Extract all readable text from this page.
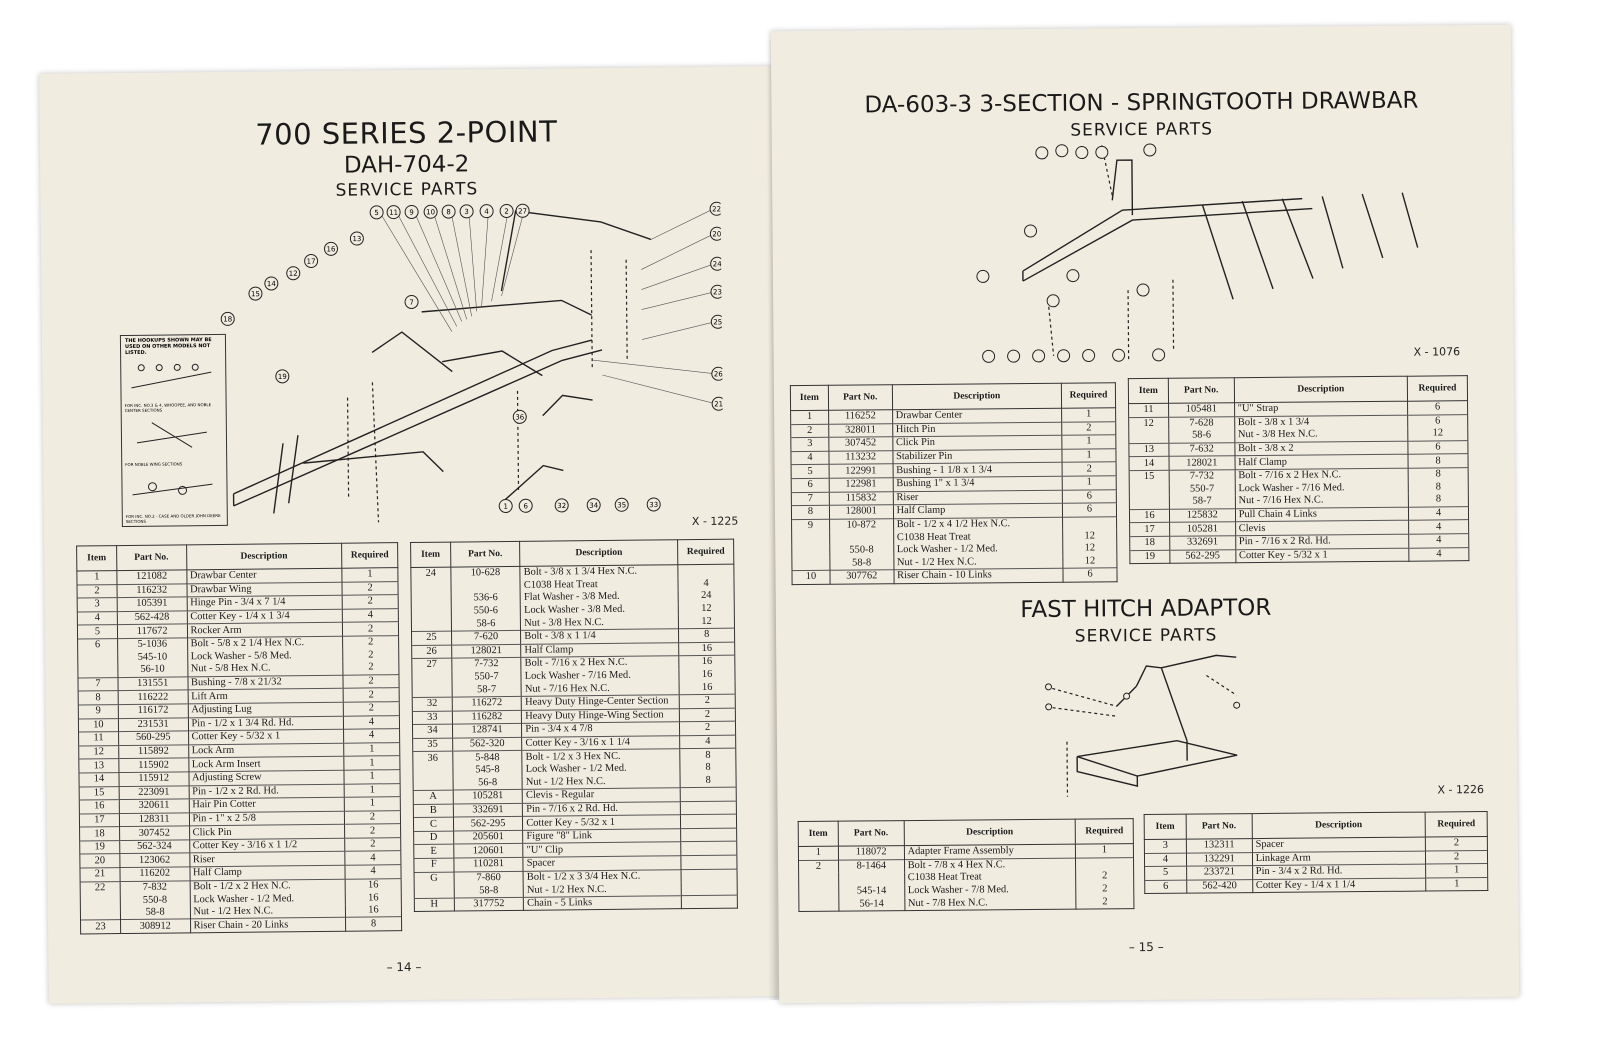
700 SERIES 2-POINT
DAH-704-2
SERVICE PARTS
5 11 9 10 8 3 4 2 27	22
20
24
23
25
26
21
13
16
17
12
14
15
18
7
19
1 6	32	34	35	33
36
THE HOOKUPS SHOWN MAY BE USED ON OTHER MODELS NOT LISTED.
FOR INC. NO.3 & 4, WHOOPEE, AND NOBLE CENTER SECTIONS
FOR NOBLE WING SECTIONS
FOR INC. NO.2 - CASE AND OLDER JOHN DEERE SECTIONS	X - 1225
Item	Part No.	Description	Required
1	121082	Drawbar Center	1
2	116232	Drawbar Wing	2
3	105391	Hinge Pin - 3/4 x 7 1/4	2
4	562-428	Cotter Key - 1/4 x 1 3/4	4
5	117672	Rocker Arm	2
6	5-1036	Bolt - 5/8 x 2 1/4 Hex N.C.	2
	545-10	Lock Washer - 5/8 Med.	2
	56-10	Nut - 5/8 Hex N.C.	2
7	131551	Bushing - 7/8 x 21/32	2
8	116222	Lift Arm	2
9	116172	Adjusting Lug	2
10	231531	Pin - 1/2 x 1 3/4 Rd. Hd.	4
11	560-295	Cotter Key - 5/32 x 1	4
12	115892	Lock Arm	1
13	115902	Lock Arm Insert	1
14	115912	Adjusting Screw	1
15	223091	Pin - 1/2 x 2 Rd. Hd.	1
16	320611	Hair Pin Cotter	1
17	128311	Pin - 1" x 2 5/8	2
18	307452	Click Pin	2
19	562-324	Cotter Key - 3/16 x 1 1/2	2
20	123062	Riser	4
21	116202	Half Clamp	4
22	7-832	Bolt - 1/2 x 2 Hex N.C.	16
	550-8	Lock Washer - 1/2 Med.	16
	58-8	Nut - 1/2 Hex N.C.	16
23	308912	Riser Chain - 20 Links	8
Item	Part No.	Description	Required
24	10-628	Bolt - 3/8 x 1 3/4 Hex N.C.	
		C1038 Heat Treat	4
	536-6	Flat Washer - 3/8 Med.	24
	550-6	Lock Washer - 3/8 Med.	12
	58-6	Nut - 3/8 Hex N.C.	12
25	7-620	Bolt - 3/8 x 1 1/4	8
26	128021	Half Clamp	16
27	7-732	Bolt - 7/16 x 2 Hex N.C.	16
	550-7	Lock Washer - 7/16 Med.	16
	58-7	Nut - 7/16 Hex N.C.	16
32	116272	Heavy Duty Hinge-Center Section	2
33	116282	Heavy Duty Hinge-Wing Section	2
34	128741	Pin - 3/4 x 4 7/8	2
35	562-320	Cotter Key - 3/16 x 1 1/4	4
36	5-848	Bolt - 1/2 x 3 Hex NC.	8
	545-8	Lock Washer - 1/2 Med.	8
	56-8	Nut - 1/2 Hex N.C.	8
A	105281	Clevis - Regular	
B	332691	Pin - 7/16 x 2 Rd. Hd.	
C	562-295	Cotter Key - 5/32 x 1	
D	205601	Figure "8" Link	
E	120601	"U" Clip	
F	110281	Spacer	
G	7-860	Bolt - 1/2 x 3 3/4 Hex N.C.	
	58-8	Nut - 1/2 Hex N.C.	
H	317752	Chain - 5 Links	
– 14 –
DA-603-3 3-SECTION - SPRINGTOOTH DRAWBAR
SERVICE PARTS
X - 1076
Item	Part No.	Description	Required
1	116252	Drawbar Center	1
2	328011	Hitch Pin	2
3	307452	Click Pin	1
4	113232	Stabilizer Pin	1
5	122991	Bushing - 1 1/8 x 1 3/4	2
6	122981	Bushing 1" x 1 3/4	1
7	115832	Riser	6
8	128001	Half Clamp	6
9	10-872	Bolt - 1/2 x 4 1/2 Hex N.C.	
		C1038 Heat Treat	12
	550-8	Lock Washer - 1/2 Med.	12
	58-8	Nut - 1/2 Hex N.C.	12
10	307762	Riser Chain - 10 Links	6
Item	Part No.	Description	Required
11	105481	"U" Strap	6
12	7-628	Bolt - 3/8 x 1 3/4	6
	58-6	Nut - 3/8 Hex N.C.	12
13	7-632	Bolt - 3/8 x 2	6
14	128021	Half Clamp	8
15	7-732	Bolt - 7/16 x 2 Hex N.C.	8
	550-7	Lock Washer - 7/16 Med.	8
	58-7	Nut - 7/16 Hex N.C.	8
16	125832	Pull Chain 4 Links	4
17	105281	Clevis	4
18	332691	Pin - 7/16 x 2 Rd. Hd.	4
19	562-295	Cotter Key - 5/32 x 1	4
FAST HITCH ADAPTOR
SERVICE PARTS
X - 1226
Item	Part No.	Description	Required
1	118072	Adapter Frame Assembly	1
2	8-1464	Bolt - 7/8 x 4 Hex N.C.	
		C1038 Heat Treat	2
	545-14	Lock Washer - 7/8 Med.	2
	56-14	Nut - 7/8 Hex N.C.	2
Item	Part No.	Description	Required
3	132311	Spacer	2
4	132291	Linkage Arm	2
5	233721	Pin - 3/4 x 2 Rd. Hd.	1
6	562-420	Cotter Key - 1/4 x 1 1/4	1
– 15 –
